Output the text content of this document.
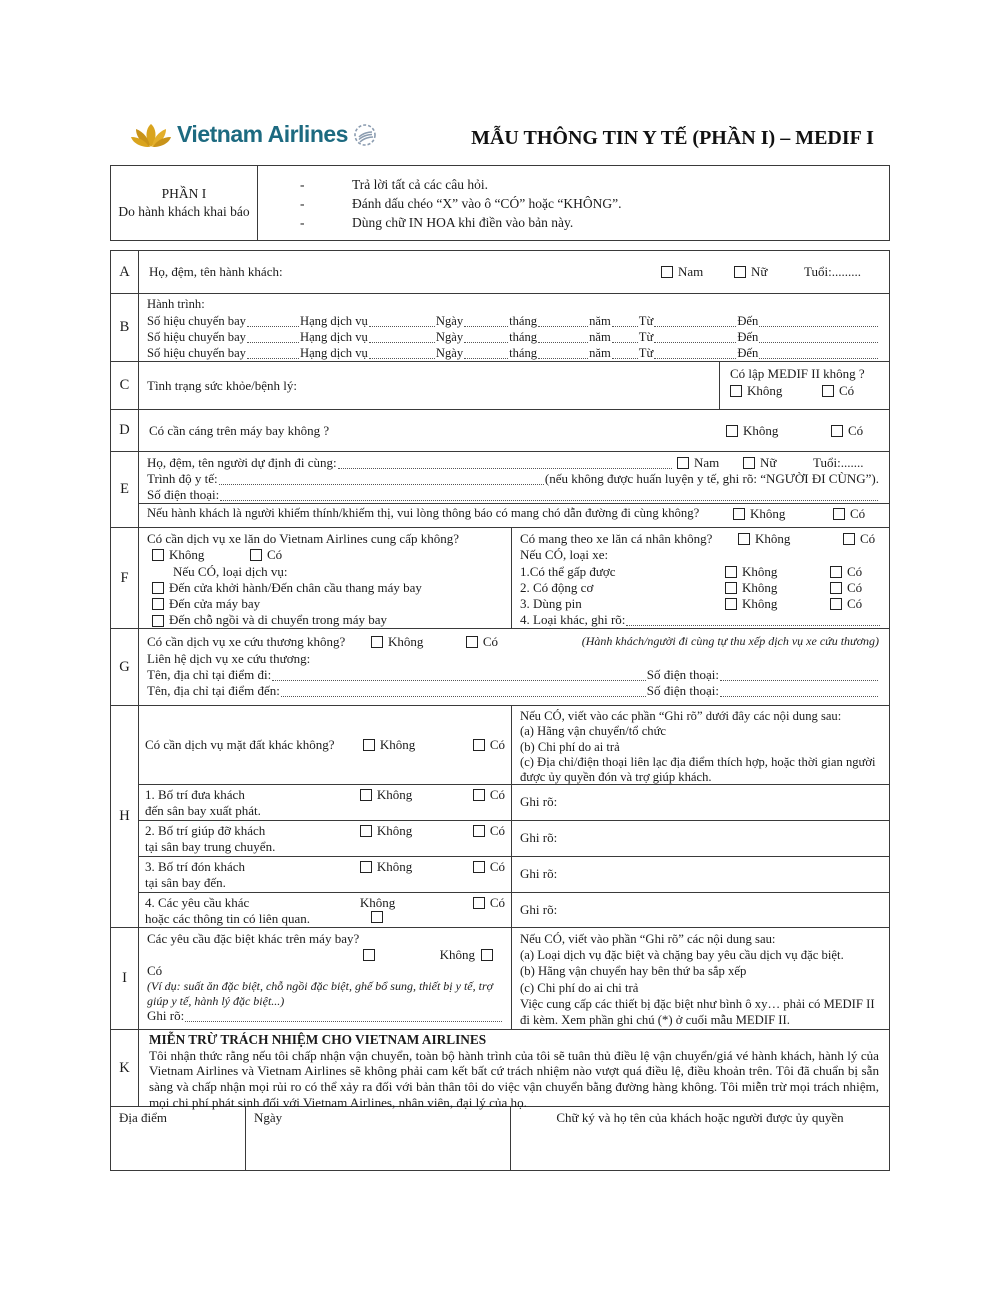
Vietnam Airlines	MẪU THÔNG TIN Y TẾ (PHẦN I) – MEDIF I
PHẦN I
Do hành khách khai báo
-	Trả lời tất cả các câu hỏi.
-	Đánh dấu chéo “X” vào ô “CÓ” hoặc “KHÔNG”.
-	Dùng chữ IN HOA khi điền vào bản này.
A	Họ, đệm, tên hành khách:	Nam	Nữ	Tuổi:.........
B
Hành trình:
Số hiệu chuyến bay	Hạng dịch vụ	Ngày	tháng	năm Từ	Đến
Số hiệu chuyến bay	Hạng dịch vụ	Ngày	tháng	năm Từ	Đến
Số hiệu chuyến bay	Hạng dịch vụ	Ngày	tháng	năm Từ	Đến
C	Tình trạng sức khỏe/bệnh lý:
Có lập MEDIF II không ?
Không	Có
D	Có cần cáng trên máy bay không ?	Không	Có
E
Họ, đệm, tên người dự định đi cùng:	Nam	Nữ	Tuổi:.......
Trình độ y tế:	(nếu không được huấn luyện y tế, ghi rõ: “NGƯỜI ĐI CÙNG”).
Số điện thoại:
Nếu hành khách là người khiếm thính/khiếm thị, vui lòng thông báo có mang chó dẫn đường đi cùng không?	Không	Có
F
Có cần dịch vụ xe lăn do Vietnam Airlines cung cấp không?
Không	Có
Nếu CÓ, loại dịch vụ:
Đến cửa khởi hành/Đến chân cầu thang máy bay
Đến cửa máy bay
Đến chỗ ngồi và di chuyển trong máy bay
Có mang theo xe lăn cá nhân không?	Không	Có
Nếu CÓ, loại xe:
1.Có thể gấp được	Không	Có
2. Có động cơ	Không	Có
3. Dùng pin	Không	Có
4. Loại khác, ghi rõ:
G
Có cần dịch vụ xe cứu thương không?	Không	Có	(Hành khách/người đi cùng tự thu xếp dịch vụ xe cứu thương)
Liên hệ dịch vụ xe cứu thương:
Tên, địa chỉ tại điểm đi:	Số điện thoại:
Tên, địa chỉ tại điểm đến:	Số điện thoại:
H
Có cần dịch vụ mặt đất khác không?	Không	Có
Nếu CÓ, viết vào các phần “Ghi rõ” dưới đây các nội dung sau:
(a) Hãng vận chuyển/tổ chức
(b) Chi phí do ai trả
(c) Địa chỉ/điện thoại liên lạc địa điểm thích hợp, hoặc thời gian người được ủy quyền đón và trợ giúp khách.
1. Bố trí đưa khách	Không	Có
đến sân bay xuất phát.
Ghi rõ:
2. Bố trí giúp đỡ khách	Không	Có
tại sân bay trung chuyển.
Ghi rõ:
3. Bố trí đón khách	Không	Có
tại sân bay đến.
Ghi rõ:
4. Các yêu cầu khác	Không	Có
hoặc các thông tin có liên quan.
Ghi rõ:
I
Các yêu cầu đặc biệt khác trên máy bay?
Không
Có
(Ví dụ: suất ăn đặc biệt, chỗ ngồi đặc biệt, ghế bổ sung, thiết bị y tế, trợ giúp y tế, hành lý đặc biệt...)
Ghi rõ:
Nếu CÓ, viết vào phần “Ghi rõ” các nội dung sau:
(a) Loại dịch vụ đặc biệt và chặng bay yêu cầu dịch vụ đặc biệt.
(b) Hãng vận chuyển hay bên thứ ba sắp xếp
(c) Chi phí do ai chi trả
Việc cung cấp các thiết bị đặc biệt như bình ô xy… phải có MEDIF II đi kèm. Xem phần ghi chú (*) ở cuối mẫu MEDIF II.
K
MIỄN TRỪ TRÁCH NHIỆM CHO VIETNAM AIRLINES
Tôi nhận thức rằng nếu tôi chấp nhận vận chuyển, toàn bộ hành trình của tôi sẽ tuân thủ điều lệ vận chuyển/giá vé hành khách, hành lý của Vietnam Airlines và Vietnam Airlines sẽ không phải cam kết bất cứ trách nhiệm nào vượt quá điều lệ, điều khoản trên. Tôi đã chuẩn bị sẵn sàng và chấp nhận mọi rủi ro có thể xảy ra đối với bản thân tôi do việc vận chuyển bằng đường hàng không. Tôi miễn trừ mọi trách nhiệm, mọi chi phí phát sinh đối với Vietnam Airlines, nhân viên, đại lý của họ.
Địa điểm	Ngày	Chữ ký và họ tên của khách hoặc người được ủy quyền
